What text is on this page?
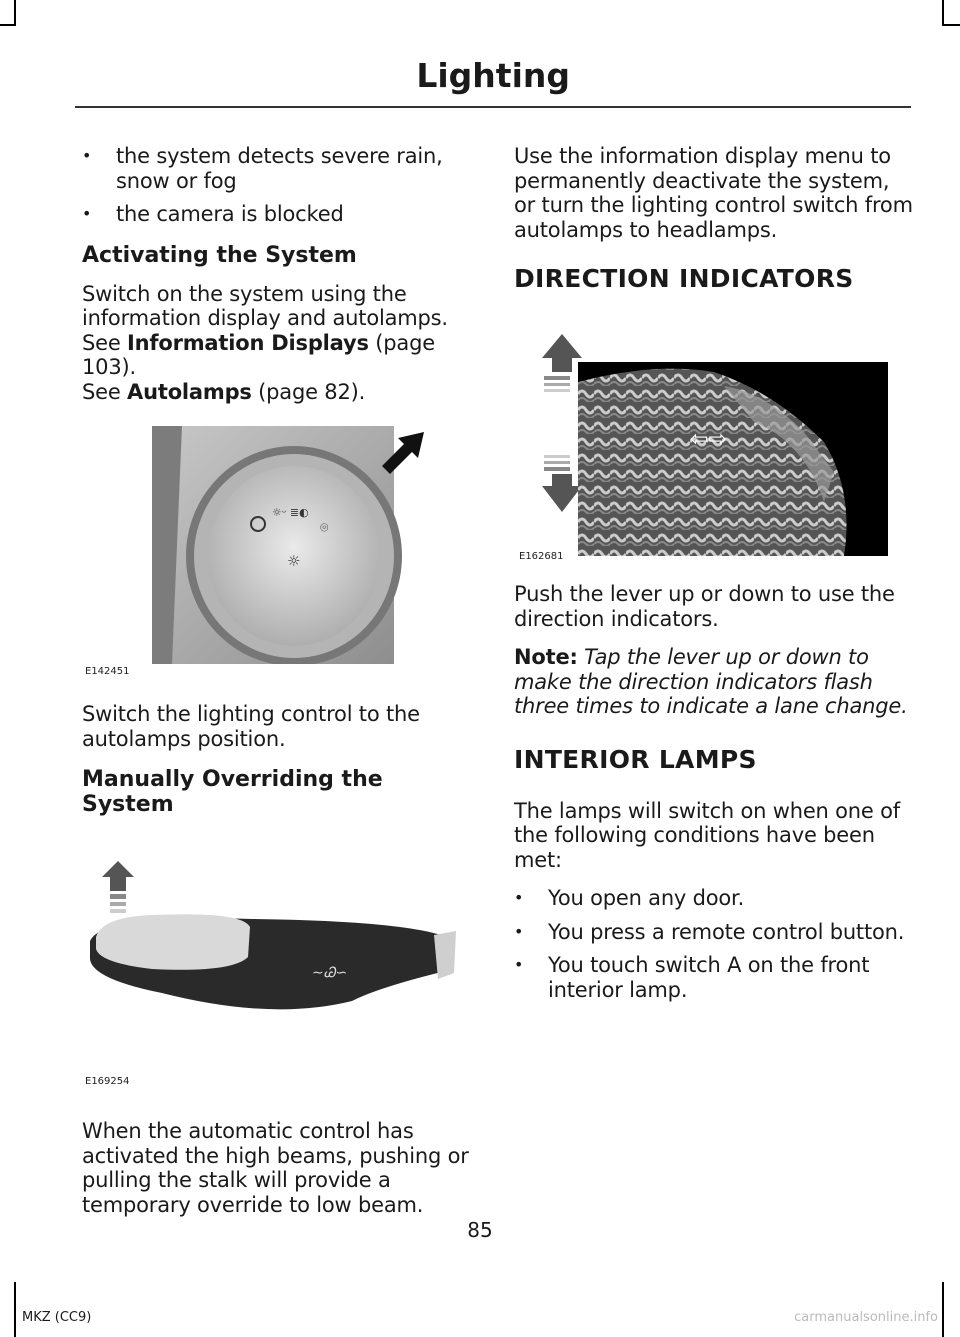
Lighting
• the system detects severe rain, snow or fog
• the camera is blocked
Activating the System

Switch on the system using the information display and autolamps. See Information Displays (page 103).
See Autolamps (page 82).

☼ᵕ ≣◐
⌾
☼
E142451

Switch the lighting control to the autolamps position.

Manually Overriding the System
∼Ꮚ∽
E169254

When the automatic control has activated the high beams, pushing or pulling the stalk will provide a temporary override to low beam.

Use the information display menu to permanently deactivate the system, or turn the lighting control switch from autolamps to headlamps.

DIRECTION INDICATORS
⇦⇨
E162681

Push the lever up or down to use the direction indicators.

Note: Tap the lever up or down to make the direction indicators flash three times to indicate a lane change.

INTERIOR LAMPS

The lamps will switch on when one of the following conditions have been met:

• You open any door.
• You press a remote control button.
• You touch switch A on the front interior lamp.
85
MKZ (CC9)	carmanualsonline.info
